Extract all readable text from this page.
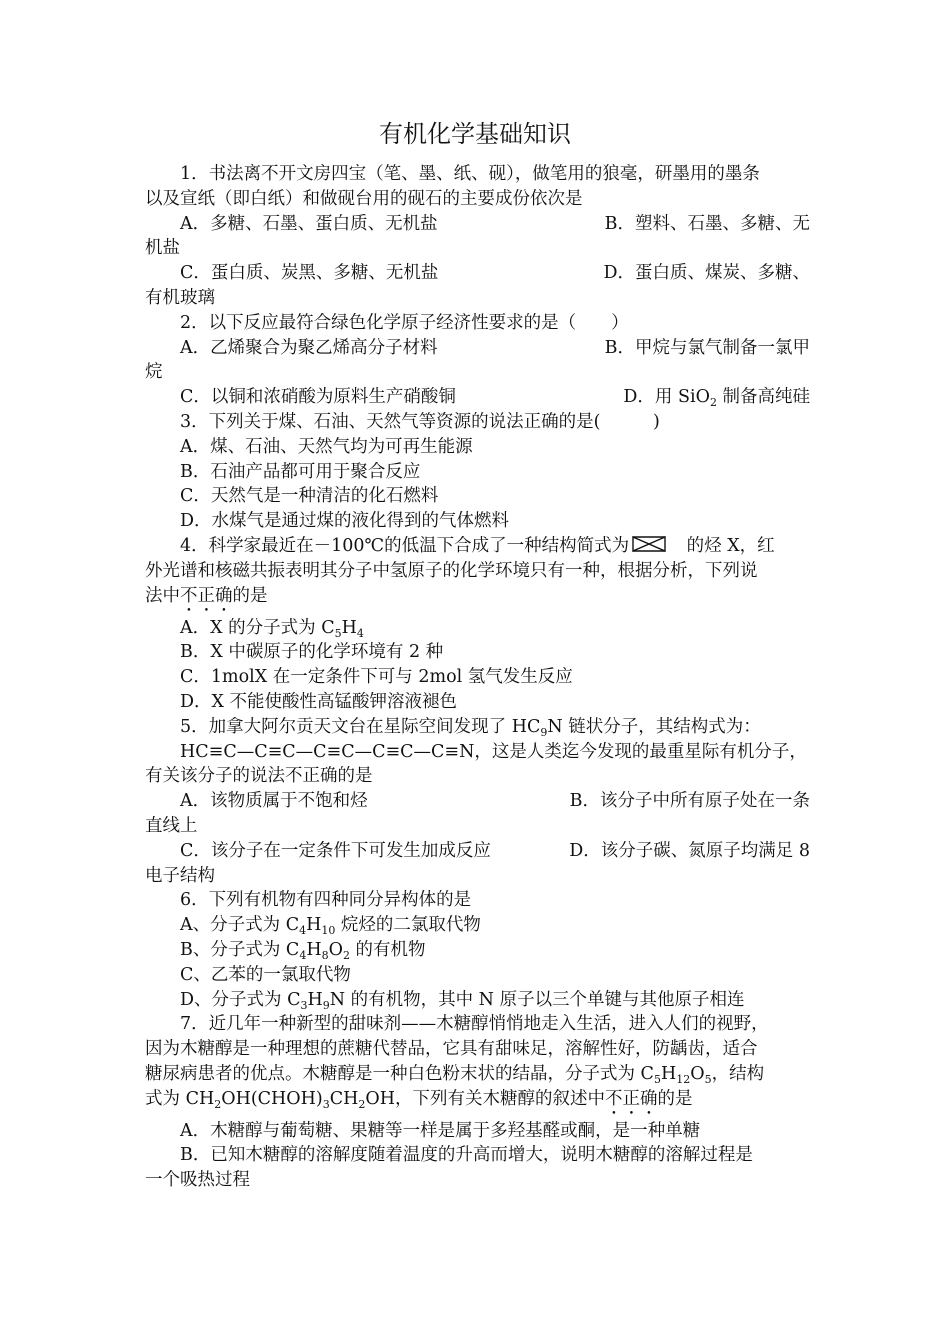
有机化学基础知识

1．书法离不开文房四宝（笔、墨、纸、砚），做笔用的狼毫，研墨用的墨条

以及宣纸（即白纸）和做砚台用的砚石的主要成份依次是

A．多糖、石墨、蛋白质、无机盐	B．塑料、石墨、多糖、无

机盐

C．蛋白质、炭黑、多糖、无机盐	D．蛋白质、煤炭、多糖、

有机玻璃

2．以下反应最符合绿色化学原子经济性要求的是（　　）

A．乙烯聚合为聚乙烯高分子材料	B．甲烷与氯气制备一氯甲

烷

C．以铜和浓硝酸为原料生产硝酸铜	D．用 SiO$_2$ 制备高纯硅

3．下列关于煤、石油、天然气等资源的说法正确的是(　　　)

A．煤、石油、天然气均为可再生能源

B．石油产品都可用于聚合反应

C．天然气是一种清洁的化石燃料

D．水煤气是通过煤的液化得到的气体燃料

4．科学家最近在－100℃的低温下合成了一种结构简式为　的烃 X，红

外光谱和核磁共振表明其分子中氢原子的化学环境只有一种，根据分析，下列说

法中不正确的是

A．X 的分子式为 $C_5H_4$

B．X 中碳原子的化学环境有 2 种

C．1molX 在一定条件下可与 2mol 氢气发生反应

D．X 不能使酸性高锰酸钾溶液褪色

5．加拿大阿尔贡天文台在星际空间发现了 $HC_9N$ 链状分子，其结构式为：

HC≡C—C≡C—C≡C—C≡C—C≡N，这是人类迄今发现的最重星际有机分子，

有关该分子的说法不正确的是

A．该物质属于不饱和烃	B．该分子中所有原子处在一条

直线上

C．该分子在一定条件下可发生加成反应	D．该分子碳、氮原子均满足 8

电子结构

6．下列有机物有四种同分异构体的是

A、分子式为 $C_4H_{10}$ 烷烃的二氯取代物

B、分子式为 $C_4H_8O_2$ 的有机物

C、乙苯的一氯取代物

D、分子式为 $C_3H_9N$ 的有机物，其中 N 原子以三个单键与其他原子相连

7．近几年一种新型的甜味剂——木糖醇悄悄地走入生活，进入人们的视野，

因为木糖醇是一种理想的蔗糖代替品，它具有甜味足，溶解性好，防龋齿，适合

糖尿病患者的优点。木糖醇是一种白色粉末状的结晶，分子式为 $C_5H_{12}O_5$，结构

式为 $CH_2OH(CHOH)_3CH_2OH$，下列有关木糖醇的叙述中不正确的是

A．木糖醇与葡萄糖、果糖等一样是属于多羟基醛或酮，是一种单糖

B．已知木糖醇的溶解度随着温度的升高而增大，说明木糖醇的溶解过程是

一个吸热过程
